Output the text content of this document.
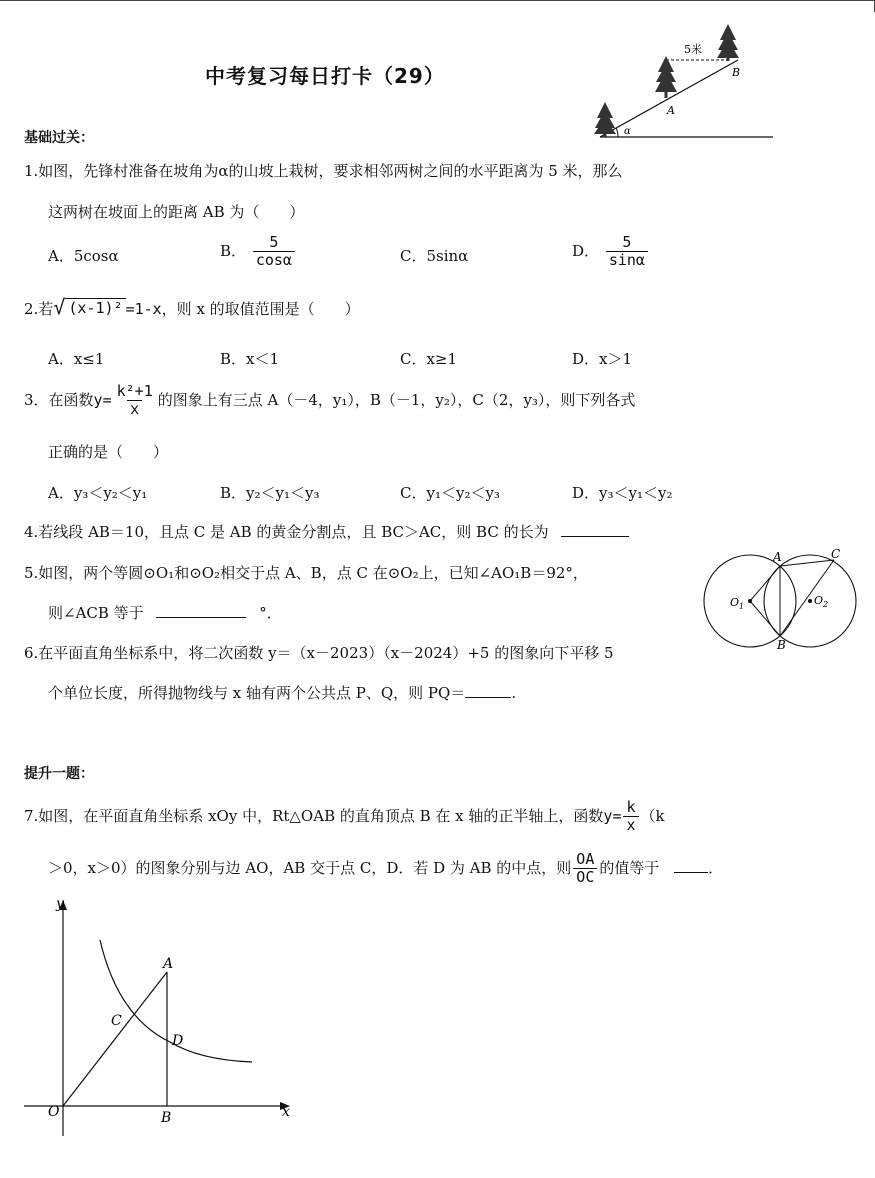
中考复习每日打卡（29）
5米
B
A
α
基础过关：
1.如图，先锋村准备在坡角为α的山坡上栽树，要求相邻两树之间的水平距离为 5 米，那么
这两树在坡面上的距离 AB 为（　　）
A．5cosα	B． $\frac{5}{\cos\alpha}$	C．5sinα	D． $\frac{5}{\sin\alpha}$
2.若 √ (x-1)² =1-x，则 x 的取值范围是（　　）
A．x≤1	B．x＜1	C．x≥1	D．x＞1
3．在函数$y= \frac{\text{k²+1}}{x}$ 的图象上有三点 A（－4，y₁），B（－1，y₂），C（2，y₃），则下列各式
正确的是（　　）
A．y₃＜y₂＜y₁	B．y₂＜y₁＜y₃	C．y₁＜y₂＜y₃	D．y₃＜y₁＜y₂
4.若线段 AB＝10，且点 C 是 AB 的黄金分割点，且 BC＞AC，则 BC 的长为
5.如图，两个等圆⊙O₁和⊙O₂相交于点 A、B，点 C 在⊙O₂上，已知∠AO₁B＝92°，
则∠ACB 等于	°．
A
B
C
$O_1$	$O_2$
6.在平面直角坐标系中，将二次函数 y＝（x－2023）（x－2024）+5 的图象向下平移 5
个单位长度，所得抛物线与 x 轴有两个公共点 P、Q，则 PQ＝	.
提升一题：
7.如图，在平面直角坐标系 xOy 中，Rt△OAB 的直角顶点 B 在 x 轴的正半轴上，函数$y= \frac{k}{x} (k$
＞0，x＞0）的图象分别与边 AO，AB 交于点 C，D．若 D 为 AB 的中点，则 $\frac{OA}{OC}$ 的值等于	．
y
x
O
A
B
C
D
